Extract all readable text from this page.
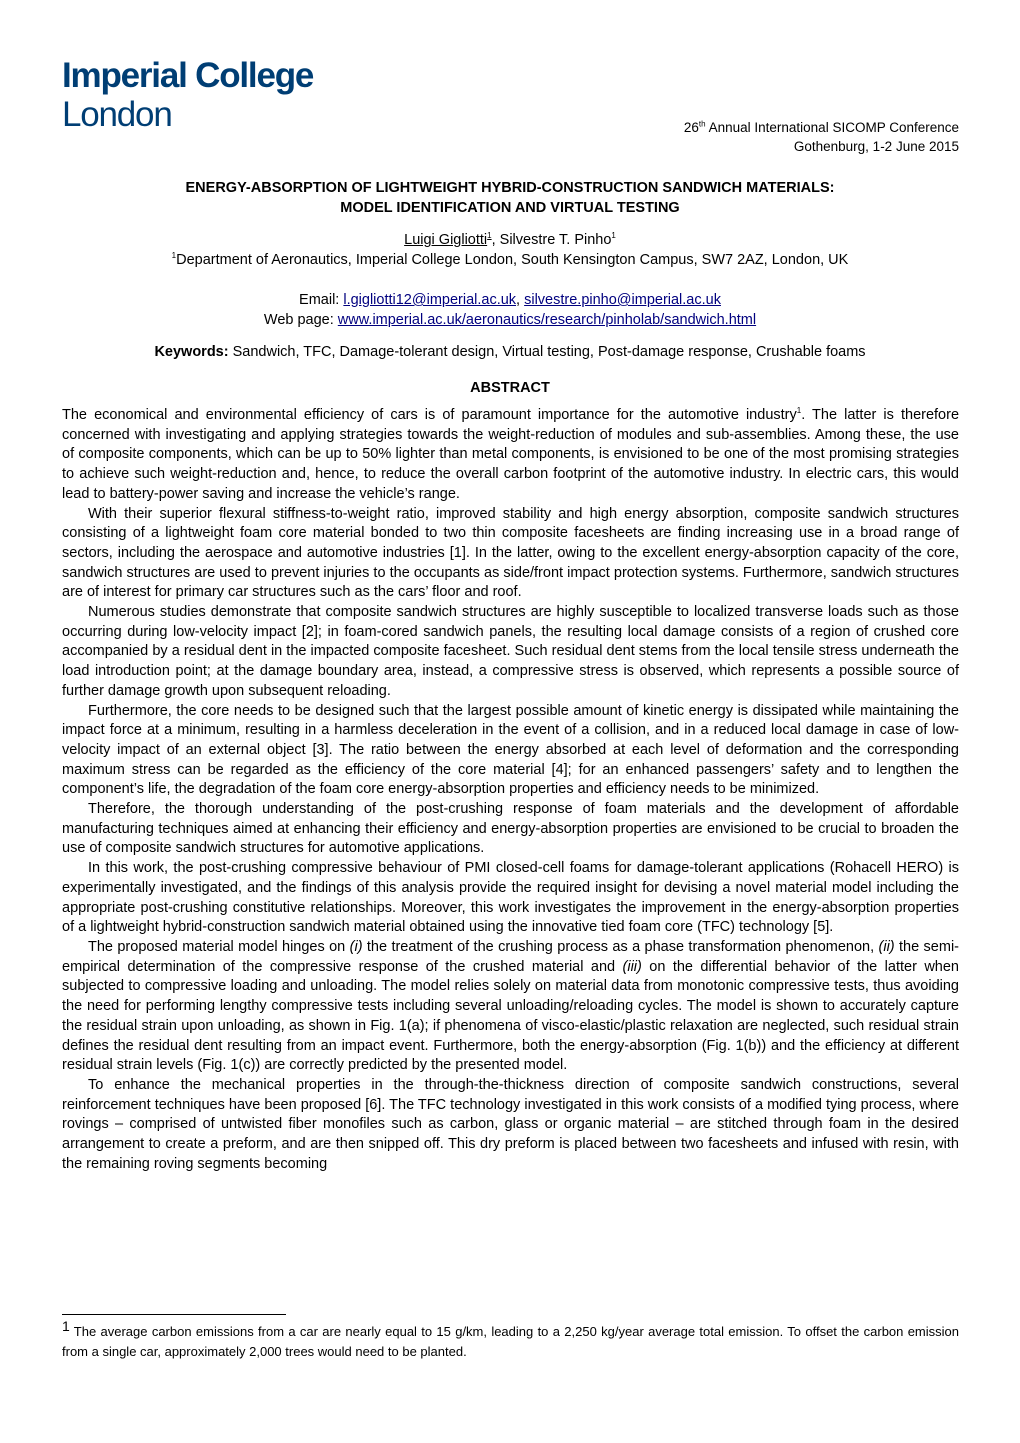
Imperial College
London	26th Annual International SICOMP Conference
Gothenburg, 1-2 June 2015
ENERGY-ABSORPTION OF LIGHTWEIGHT HYBRID-CONSTRUCTION SANDWICH MATERIALS:
MODEL IDENTIFICATION AND VIRTUAL TESTING
Luigi Gigliotti$^1$, Silvestre T. Pinho$^1$
$^1$Department of Aeronautics, Imperial College London, South Kensington Campus, SW7 2AZ, London, UK
Email: l.gigliotti12@imperial.ac.uk, silvestre.pinho@imperial.ac.uk
Web page: www.imperial.ac.uk/aeronautics/research/pinholab/sandwich.html
Keywords: Sandwich, TFC, Damage-tolerant design, Virtual testing, Post-damage response, Crushable foams
ABSTRACT

The economical and environmental efficiency of cars is of paramount importance for the automotive industry$^1$. The latter is therefore concerned with investigating and applying strategies towards the weight-reduction of modules and sub-assemblies. Among these, the use of composite components, which can be up to 50% lighter than metal components, is envisioned to be one of the most promising strategies to achieve such weight-reduction and, hence, to reduce the overall carbon footprint of the automotive industry. In electric cars, this would lead to battery-power saving and increase the vehicle’s range.

With their superior flexural stiffness-to-weight ratio, improved stability and high energy absorption, composite sandwich structures consisting of a lightweight foam core material bonded to two thin composite facesheets are finding increasing use in a broad range of sectors, including the aerospace and automotive industries [1]. In the latter, owing to the excellent energy-absorption capacity of the core, sandwich structures are used to prevent injuries to the occupants as side/front impact protection systems. Furthermore, sandwich structures are of interest for primary car structures such as the cars’ floor and roof.

Numerous studies demonstrate that composite sandwich structures are highly susceptible to localized transverse loads such as those occurring during low-velocity impact [2]; in foam-cored sandwich panels, the resulting local damage consists of a region of crushed core accompanied by a residual dent in the impacted composite facesheet. Such residual dent stems from the local tensile stress underneath the load introduction point; at the damage boundary area, instead, a compressive stress is observed, which represents a possible source of further damage growth upon subsequent reloading.

Furthermore, the core needs to be designed such that the largest possible amount of kinetic energy is dissipated while maintaining the impact force at a minimum, resulting in a harmless deceleration in the event of a collision, and in a reduced local damage in case of low-velocity impact of an external object [3]. The ratio between the energy absorbed at each level of deformation and the corresponding maximum stress can be regarded as the efficiency of the core material [4]; for an enhanced passengers’ safety and to lengthen the component’s life, the degradation of the foam core energy-absorption properties and efficiency needs to be minimized.

Therefore, the thorough understanding of the post-crushing response of foam materials and the development of affordable manufacturing techniques aimed at enhancing their efficiency and energy-absorption properties are envisioned to be crucial to broaden the use of composite sandwich structures for automotive applications.

In this work, the post-crushing compressive behaviour of PMI closed-cell foams for damage-tolerant applications (Rohacell HERO) is experimentally investigated, and the findings of this analysis provide the required insight for devising a novel material model including the appropriate post-crushing constitutive relationships. Moreover, this work investigates the improvement in the energy-absorption properties of a lightweight hybrid-construction sandwich material obtained using the innovative tied foam core (TFC) technology [5].

The proposed material model hinges on (i) the treatment of the crushing process as a phase transformation phenomenon, (ii) the semi-empirical determination of the compressive response of the crushed material and (iii) on the differential behavior of the latter when subjected to compressive loading and unloading. The model relies solely on material data from monotonic compressive tests, thus avoiding the need for performing lengthy compressive tests including several unloading/reloading cycles. The model is shown to accurately capture the residual strain upon unloading, as shown in Fig. 1(a); if phenomena of visco-elastic/plastic relaxation are neglected, such residual strain defines the residual dent resulting from an impact event. Furthermore, both the energy-absorption (Fig. 1(b)) and the efficiency at different residual strain levels (Fig. 1(c)) are correctly predicted by the presented model.

To enhance the mechanical properties in the through-the-thickness direction of composite sandwich constructions, several reinforcement techniques have been proposed [6]. The TFC technology investigated in this work consists of a modified tying process, where rovings – comprised of untwisted fiber monofiles such as carbon, glass or organic material – are stitched through foam in the desired arrangement to create a preform, and are then snipped off. This dry preform is placed between two facesheets and infused with resin, with the remaining roving segments becoming

1 The average carbon emissions from a car are nearly equal to 15 g/km, leading to a 2,250 kg/year average total emission. To offset the carbon emission from a single car, approximately 2,000 trees would need to be planted.
